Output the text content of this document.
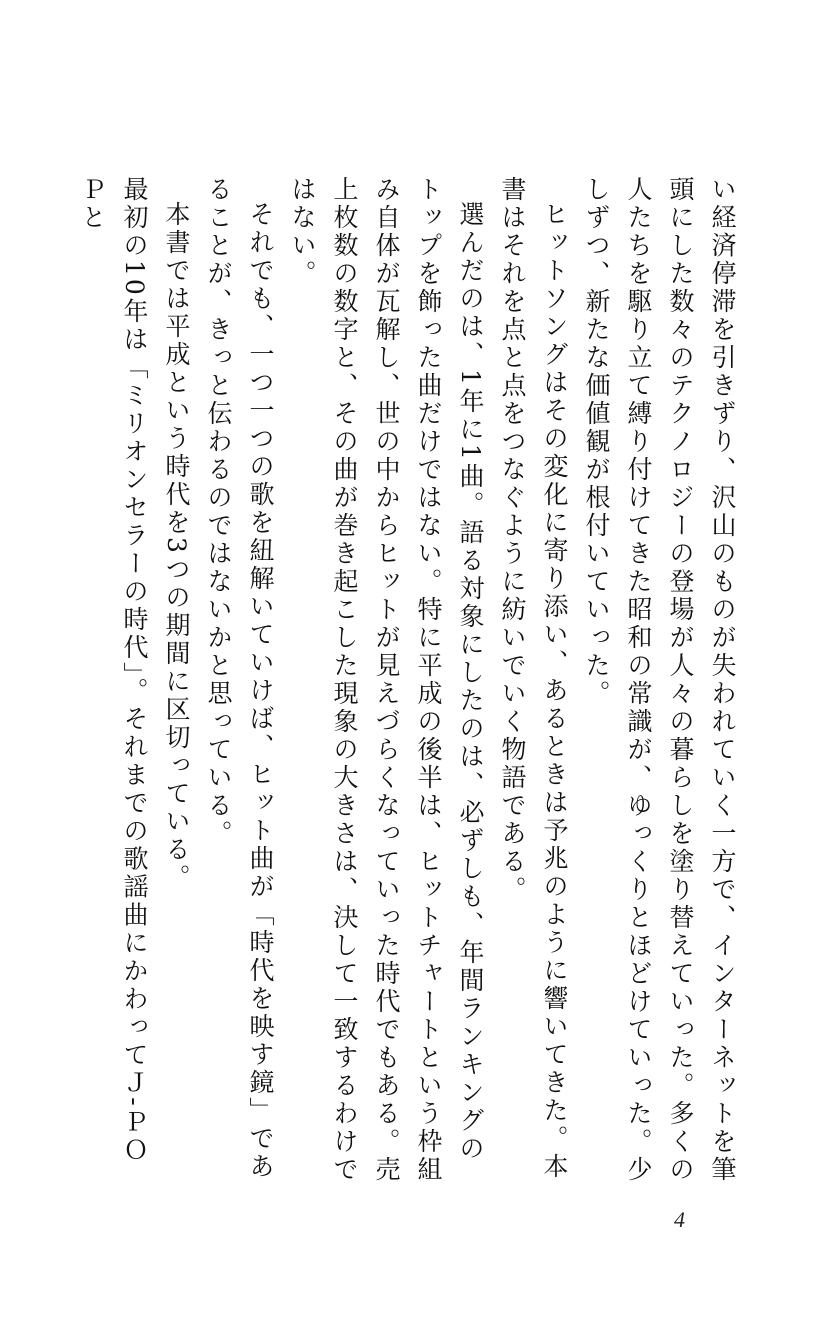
い経済停滞を引きずり、沢山のものが失われていく一方で、インターネットを筆頭にした数々のテクノロジーの登場が人々の暮らしを塗り替えていった。多くの人たちを駆り立て縛り付けてきた昭和の常識が、ゆっくりとほどけていった。少しずつ、新たな価値観が根付いていった。

ヒットソングはその変化に寄り添い、あるときは予兆のように響いてきた。本書はそれを点と点をつなぐように紡いでいく物語である。

選んだのは、1年に1曲。語る対象にしたのは、必ずしも、年間ランキングのトップを飾った曲だけではない。特に平成の後半は、ヒットチャートという枠組み自体が瓦解し、世の中からヒットが見えづらくなっていった時代でもある。売上枚数の数字と、その曲が巻き起こした現象の大きさは、決して一致するわけではない。

それでも、一つ一つの歌を紐解いていけば、ヒット曲が「時代を映す鏡」であることが、きっと伝わるのではないかと思っている。

本書では平成という時代を3つの期間に区切っている。

最初の10年は「ミリオンセラーの時代」。それまでの歌謡曲にかわってＪ-ＰＯＰと

4
